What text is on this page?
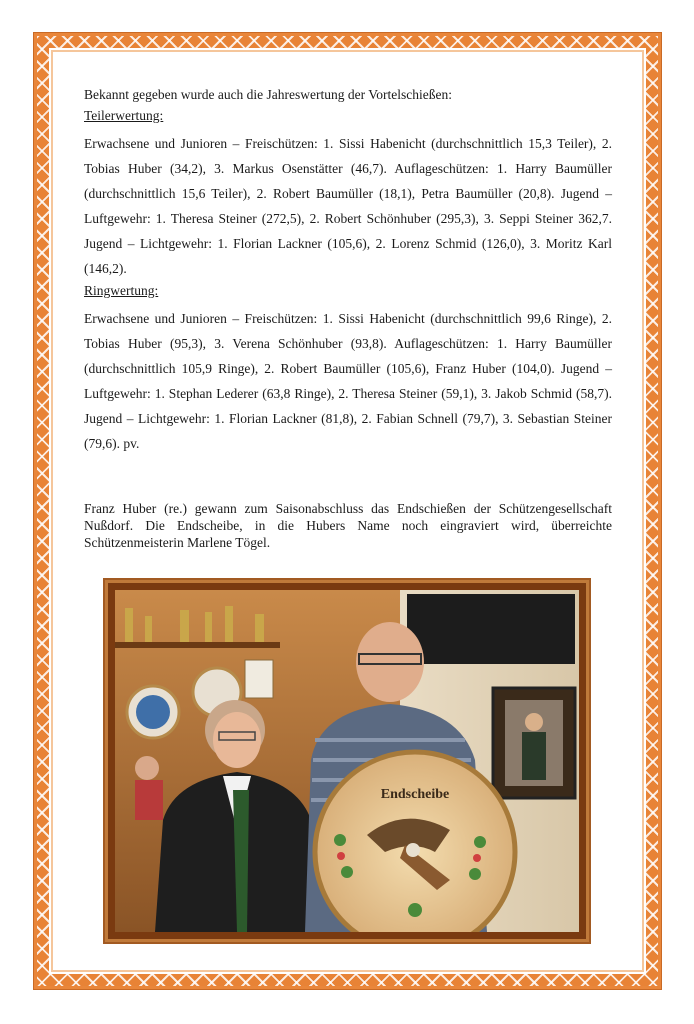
Bekannt gegeben wurde auch die Jahreswertung der Vortelschießen:

Teilerwertung:

Erwachsene und Junioren – Freischützen: 1. Sissi Habenicht (durchschnittlich 15,3 Teiler), 2. Tobias Huber (34,2), 3. Markus Osenstätter (46,7). Auflageschützen: 1. Harry Baumüller (durchschnittlich 15,6 Teiler), 2. Robert Baumüller (18,1), Petra Baumüller (20,8). Jugend – Luftgewehr: 1. Theresa Steiner (272,5), 2. Robert Schönhuber (295,3), 3. Seppi Steiner 362,7. Jugend – Lichtgewehr: 1. Florian Lackner (105,6), 2. Lorenz Schmid (126,0), 3. Moritz Karl (146,2).

Ringwertung:

Erwachsene und Junioren – Freischützen: 1. Sissi Habenicht (durchschnittlich 99,6 Ringe), 2. Tobias Huber (95,3), 3. Verena Schönhuber (93,8). Auflageschützen: 1. Harry Baumüller (durchschnittlich 105,9 Ringe), 2. Robert Baumüller (105,6), Franz Huber (104,0). Jugend – Luftgewehr: 1. Stephan Lederer (63,8 Ringe), 2. Theresa Steiner (59,1), 3. Jakob Schmid (58,7). Jugend – Lichtgewehr: 1. Florian Lackner (81,8), 2. Fabian Schnell (79,7), 3. Sebastian Steiner (79,6). pv.

Franz Huber (re.) gewann zum Saisonabschluss das Endschießen der Schützengesellschaft Nußdorf. Die Endscheibe, in die Hubers Name noch eingraviert wird, überreichte Schützenmeisterin Marlene Tögel.

Endscheibe
